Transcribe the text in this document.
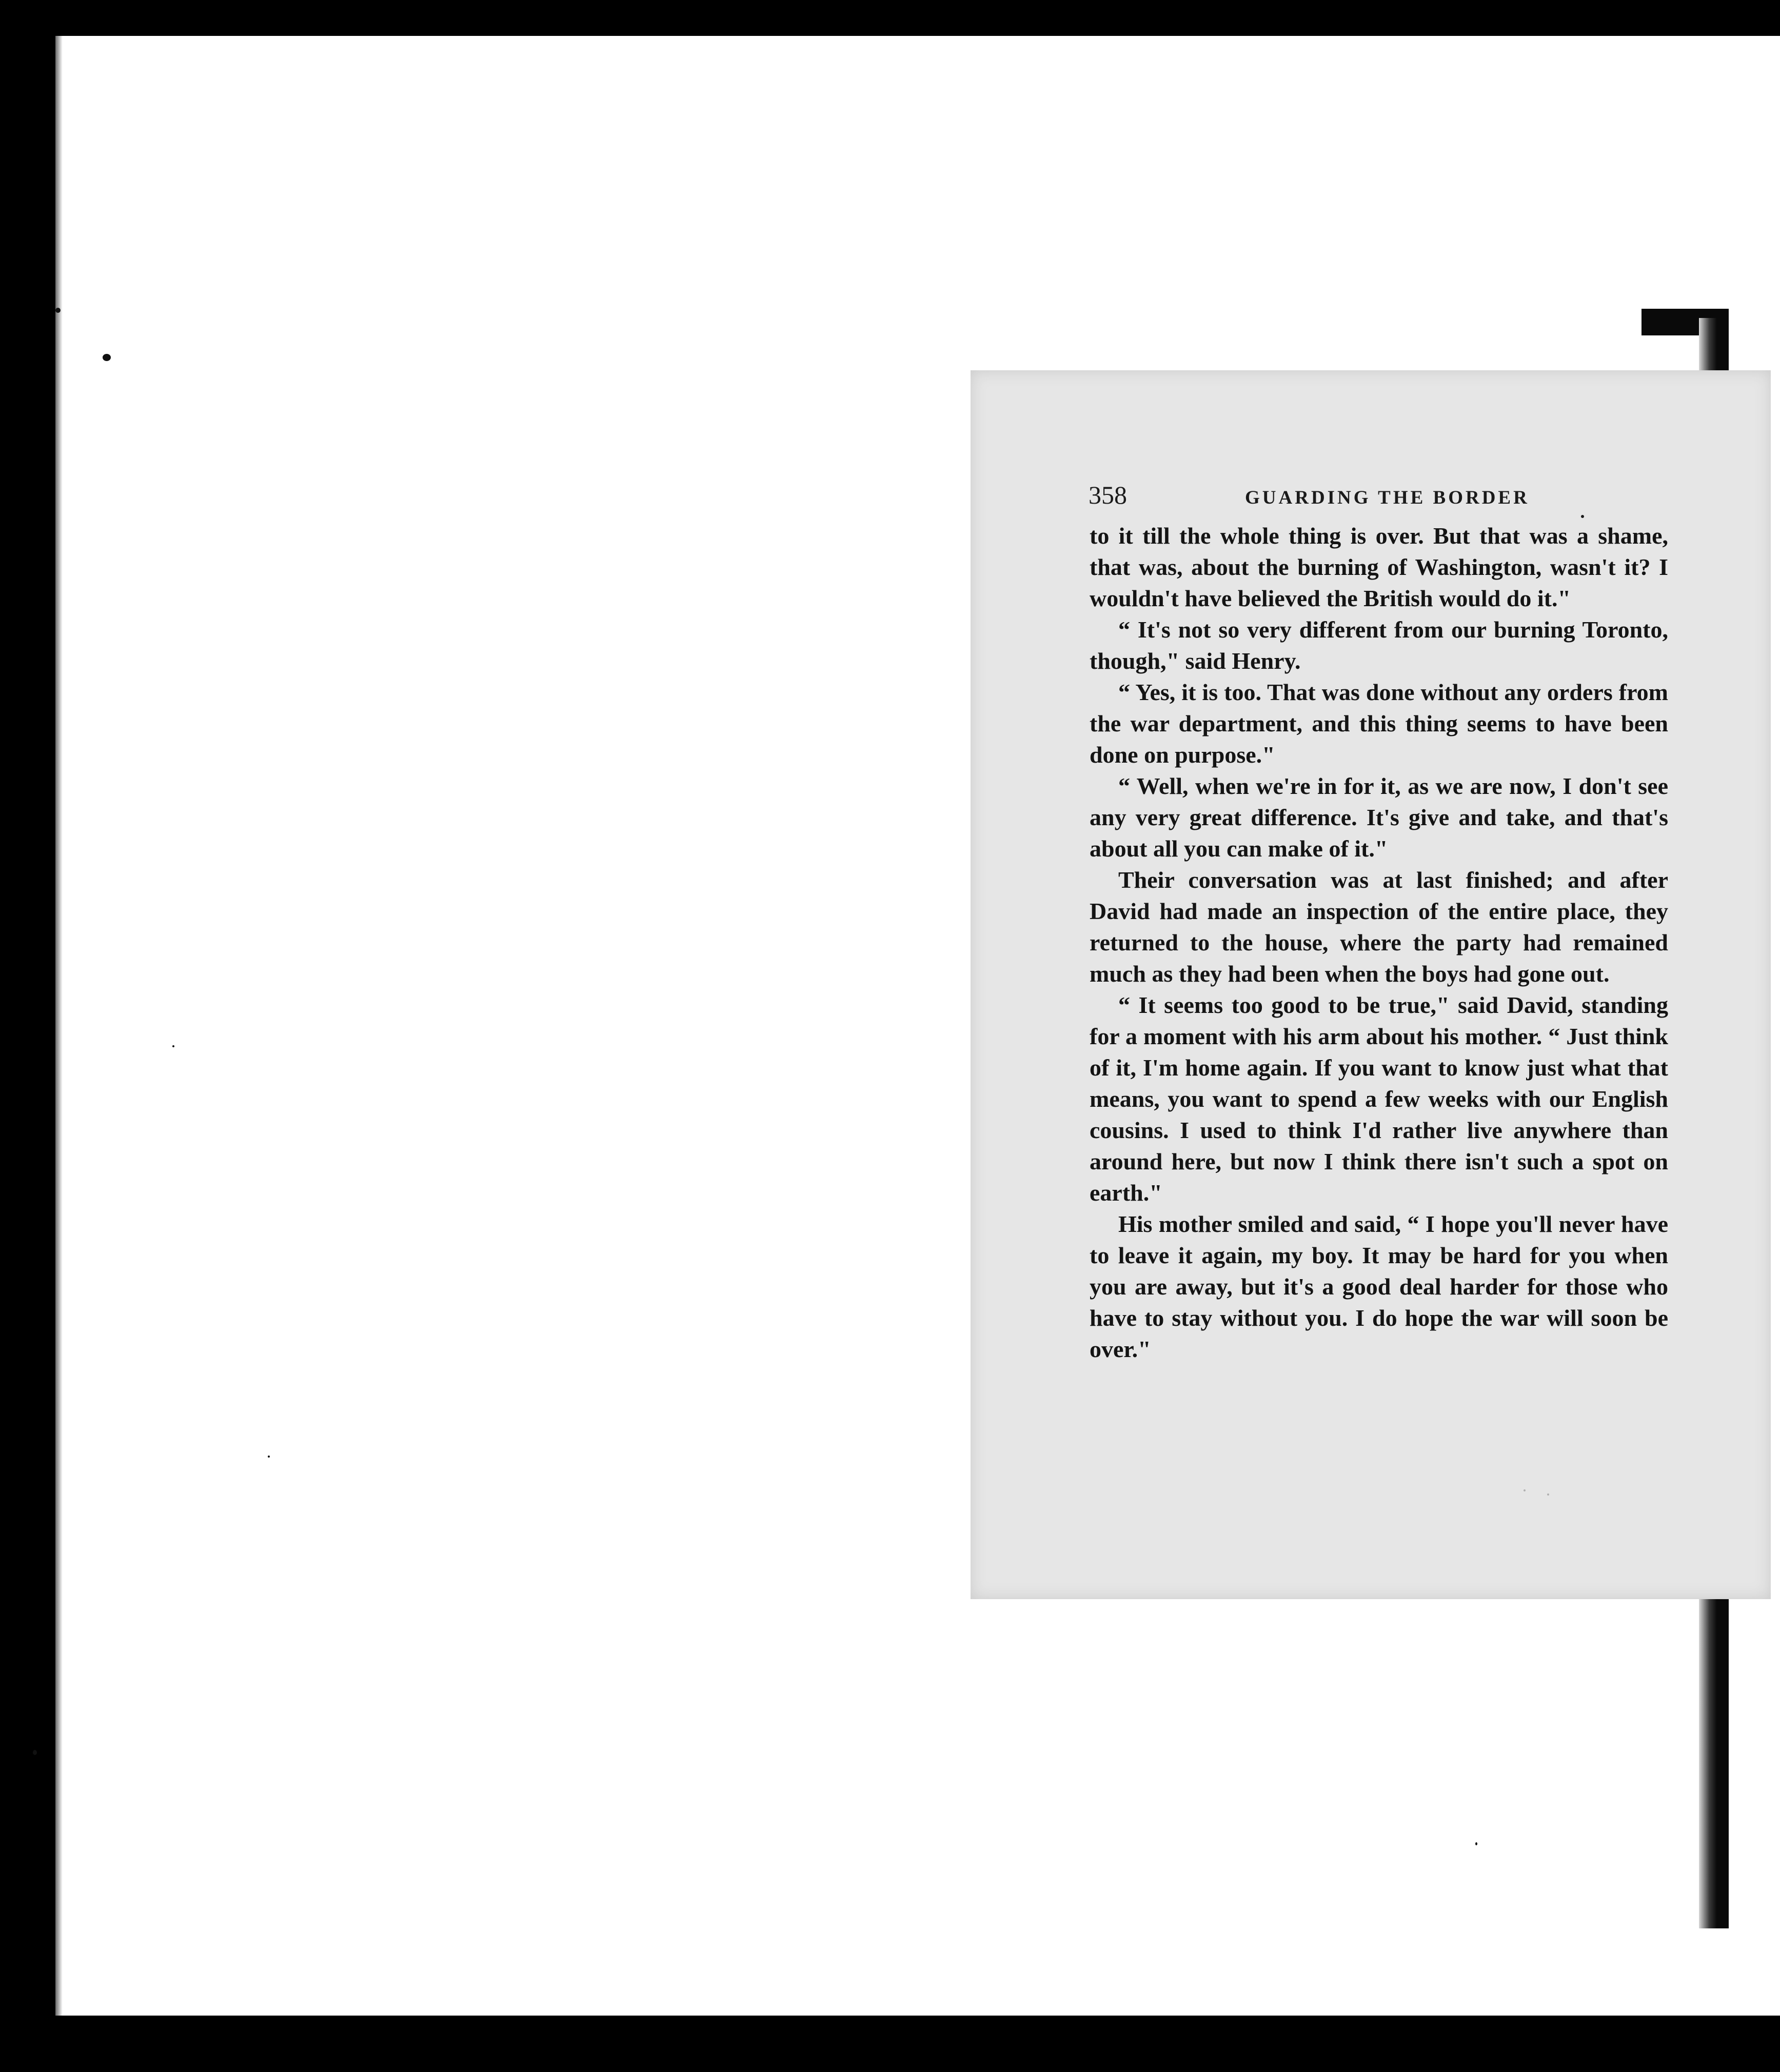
358	GUARDING THE BORDER

to it till the whole thing is over. But that was a shame, that was, about the burning of Washington, wasn't it? I wouldn't have believed the British would do it."

“ It's not so very different from our burning Toronto, though," said Henry.

“ Yes, it is too. That was done without any orders from the war department, and this thing seems to have been done on purpose."

“ Well, when we're in for it, as we are now, I don't see any very great difference. It's give and take, and that's about all you can make of it."

Their conversation was at last finished; and after David had made an inspection of the entire place, they returned to the house, where the party had remained much as they had been when the boys had gone out.

“ It seems too good to be true," said David, standing for a moment with his arm about his mother. “ Just think of it, I'm home again. If you want to know just what that means, you want to spend a few weeks with our English cousins. I used to think I'd rather live anywhere than around here, but now I think there isn't such a spot on earth."

His mother smiled and said, “ I hope you'll never have to leave it again, my boy. It may be hard for you when you are away, but it's a good deal harder for those who have to stay without you. I do hope the war will soon be over."
